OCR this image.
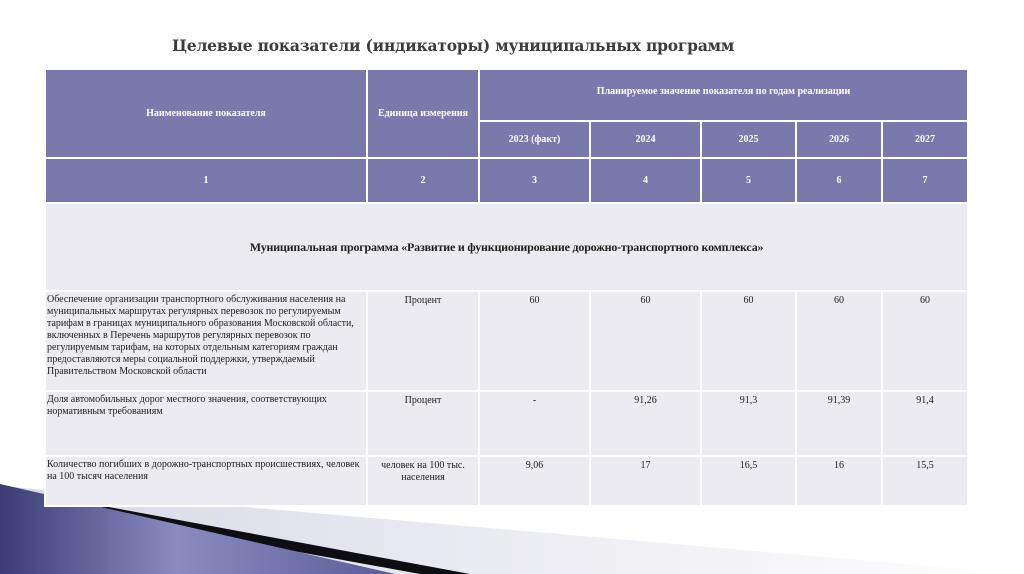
Целевые показатели (индикаторы) муниципальных программ
Наименование показателя	Единица измерения	Планируемое значение показателя по годам реализации				
		2023 (факт)	2024	2025	2026	2027
1	2	3	4	5	6	7
Муниципальная программа «Развитие и функционирование дорожно-транспортного комплекса»						
Обеспечение организации транспортного обслуживания населения на муниципальных маршрутах регулярных перевозок по регулируемым тарифам в границах муниципального образования Московской области, включенных в Перечень маршрутов регулярных перевозок по регулируемым тарифам, на которых отдельным категориям граждан предоставляются меры социальной поддержки, утверждаемый Правительством Московской области	Процент	60	60	60	60	60
Доля автомобильных дорог местного значения, соответствующих нормативным требованиям	Процент	-	91,26	91,3	91,39	91,4
Количество погибших в дорожно-транспортных происшествиях, человек на 100 тысяч населения	человек на 100 тыс. населения	9,06	17	16,5	16	15,5
